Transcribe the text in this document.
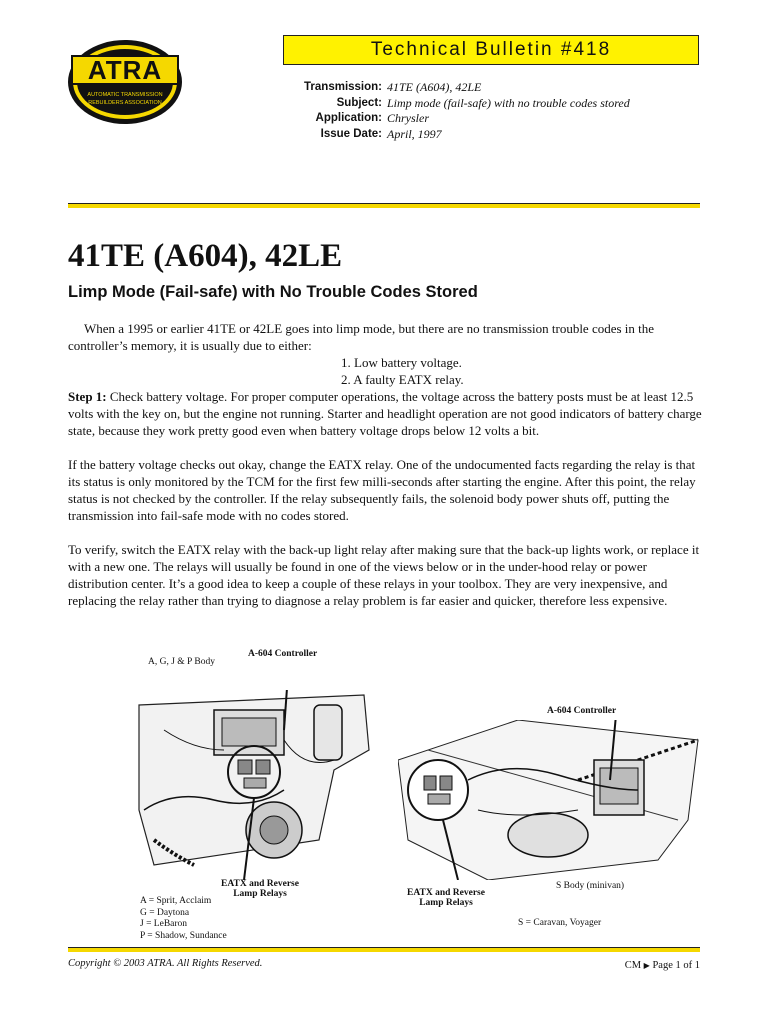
ATRA
AUTOMATIC TRANSMISSION
REBUILDERS ASSOCIATION
Technical Bulletin #418
Transmission: 41TE (A604), 42LE
Subject: Limp mode (fail-safe) with no trouble codes stored
Application: Chrysler
Issue Date: April, 1997
41TE (A604), 42LE
Limp Mode (Fail-safe) with No Trouble Codes Stored

When a 1995 or earlier 41TE or 42LE goes into limp mode, but there are no transmission trouble codes in the controller’s memory, it is usually due to either:

1. Low battery voltage.

2. A faulty EATX relay.

Step 1: Check battery voltage. For proper computer operations, the voltage across the battery posts must be at least 12.5 volts with the key on, but the engine not running. Starter and headlight operation are not good indicators of battery charge state, because they work pretty good even when battery voltage drops below 12 volts a bit.

If the battery voltage checks out okay, change the EATX relay. One of the undocumented facts regarding the relay is that its status is only monitored by the TCM for the first few milli-seconds after starting the engine. After this point, the relay status is not checked by the controller. If the relay subsequently fails, the solenoid body power shuts off, putting the transmission into fail-safe mode with no codes stored.

To verify, switch the EATX relay with the back-up light relay after making sure that the back-up lights work, or replace it with a new one. The relays will usually be found in one of the views below or in the under-hood relay or power distribution center. It’s a good idea to keep a couple of these relays in your toolbox. They are very inexpensive, and replacing the relay rather than trying to diagnose a relay problem is far easier and quicker, therefore less expensive.

A, G, J & P Body
A-604 Controller
EATX and Reverse
Lamp Relays
A = Sprit, Acclaim
G = Daytona
J = LeBaron
P = Shadow, Sundance
A-604 Controller
EATX and Reverse
Lamp Relays
S Body (minivan)
S = Caravan, Voyager
Copyright © 2003 ATRA. All Rights Reserved.	CM ▶ Page 1 of 1
